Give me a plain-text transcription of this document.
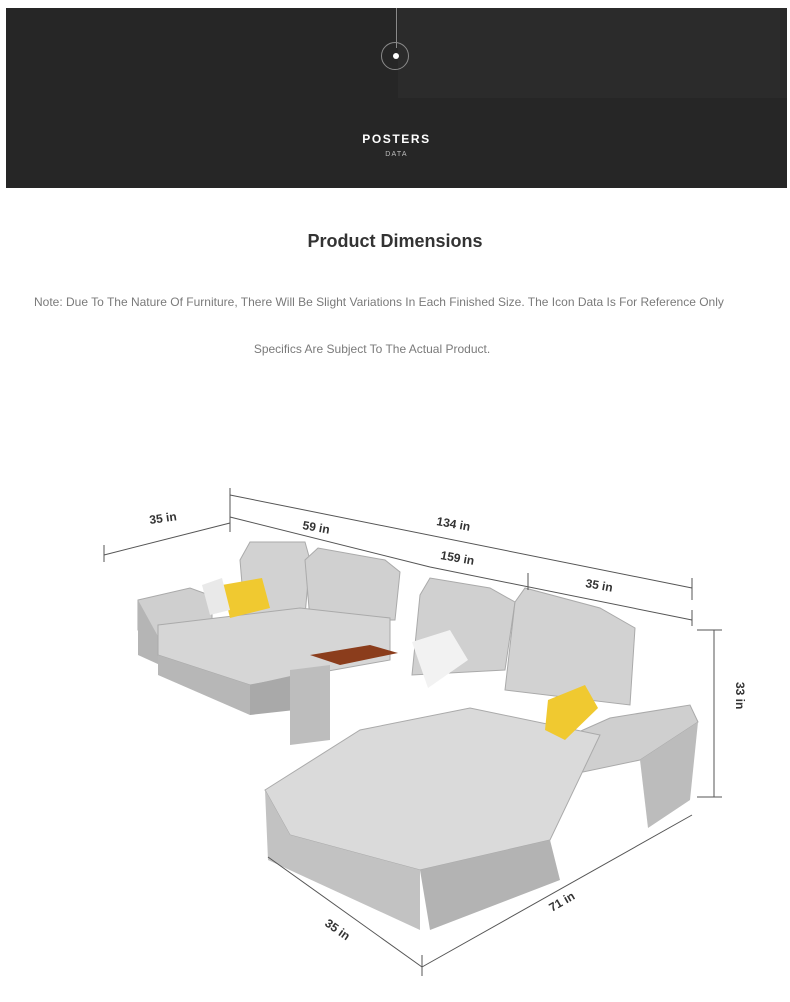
POSTERS
DATA
Product Dimensions
Note: Due To The Nature Of Furniture, There Will Be Slight Variations In Each Finished Size. The Icon Data Is For Reference Only
Specifics Are Subject To The Actual Product.
35 in
59 in	134 in
159 in
35 in
33 in
35 in
71 in
